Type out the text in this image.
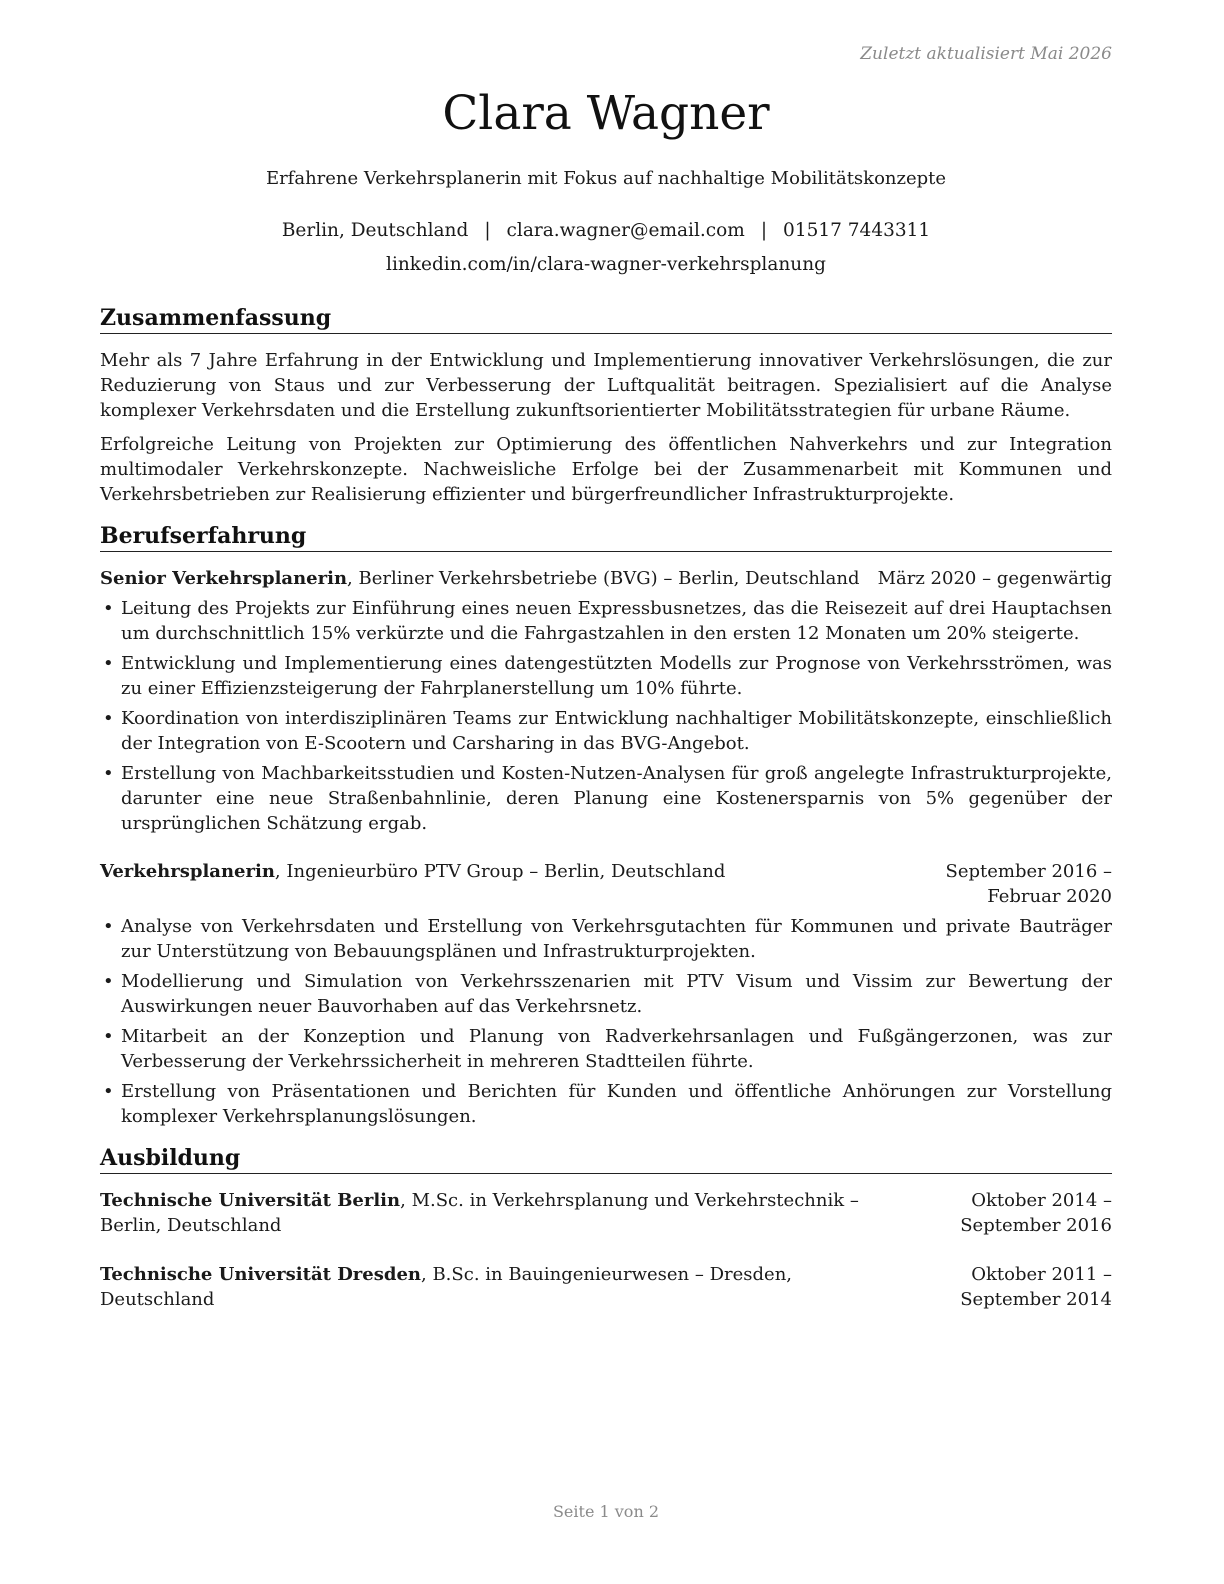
Zuletzt aktualisiert Mai 2026
Clara Wagner
Erfahrene Verkehrsplanerin mit Fokus auf nachhaltige Mobilitätskonzepte
Berlin, Deutschland | clara.wagner@email.com | 01517 7443311
linkedin.com/in/clara-wagner-verkehrsplanung
Zusammenfassung
Mehr als 7 Jahre Erfahrung in der Entwicklung und Implementierung innovativer Verkehrslösungen, die zur Reduzierung von Staus und zur Verbesserung der Luftqualität beitragen. Spezialisiert auf die Analyse komplexer Verkehrsdaten und die Erstellung zukunftsorientierter Mobilitätsstrategien für urbane Räume.
Erfolgreiche Leitung von Projekten zur Optimierung des öffentlichen Nahverkehrs und zur Integration multimodaler Verkehrskonzepte. Nachweisliche Erfolge bei der Zusammenarbeit mit Kommunen und Verkehrsbetrieben zur Realisierung effizienter und bürgerfreundlicher Infrastrukturprojekte.
Berufserfahrung
Senior Verkehrsplanerin, Berliner Verkehrsbetriebe (BVG) – Berlin, Deutschland	März 2020 – gegenwärtig
• Leitung des Projekts zur Einführung eines neuen Expressbusnetzes, das die Reisezeit auf drei Hauptachsen um durchschnittlich 15% verkürzte und die Fahrgastzahlen in den ersten 12 Monaten um 20% steigerte.
• Entwicklung und Implementierung eines datengestützten Modells zur Prognose von Verkehrsströmen, was zu einer Effizienzsteigerung der Fahrplanerstellung um 10% führte.
• Koordination von interdisziplinären Teams zur Entwicklung nachhaltiger Mobilitätskonzepte, einschließlich der Integration von E-Scootern und Carsharing in das BVG-Angebot.
• Erstellung von Machbarkeitsstudien und Kosten-Nutzen-Analysen für groß angelegte Infrastrukturprojekte, darunter eine neue Straßenbahnlinie, deren Planung eine Kostenersparnis von 5% gegenüber der ursprünglichen Schätzung ergab.
Verkehrsplanerin, Ingenieurbüro PTV Group – Berlin, Deutschland	September 2016 – Februar 2020
• Analyse von Verkehrsdaten und Erstellung von Verkehrsgutachten für Kommunen und private Bauträger zur Unterstützung von Bebauungsplänen und Infrastrukturprojekten.
• Modellierung und Simulation von Verkehrsszenarien mit PTV Visum und Vissim zur Bewertung der Auswirkungen neuer Bauvorhaben auf das Verkehrsnetz.
• Mitarbeit an der Konzeption und Planung von Radverkehrsanlagen und Fußgängerzonen, was zur Verbesserung der Verkehrssicherheit in mehreren Stadtteilen führte.
• Erstellung von Präsentationen und Berichten für Kunden und öffentliche Anhörungen zur Vorstellung komplexer Verkehrsplanungslösungen.
Ausbildung
Technische Universität Berlin, M.Sc. in Verkehrsplanung und Verkehrstechnik – Berlin, Deutschland
Oktober 2014 – September 2016
Technische Universität Dresden, B.Sc. in Bauingenieurwesen – Dresden, Deutschland
Oktober 2011 – September 2014
Seite 1 von 2
